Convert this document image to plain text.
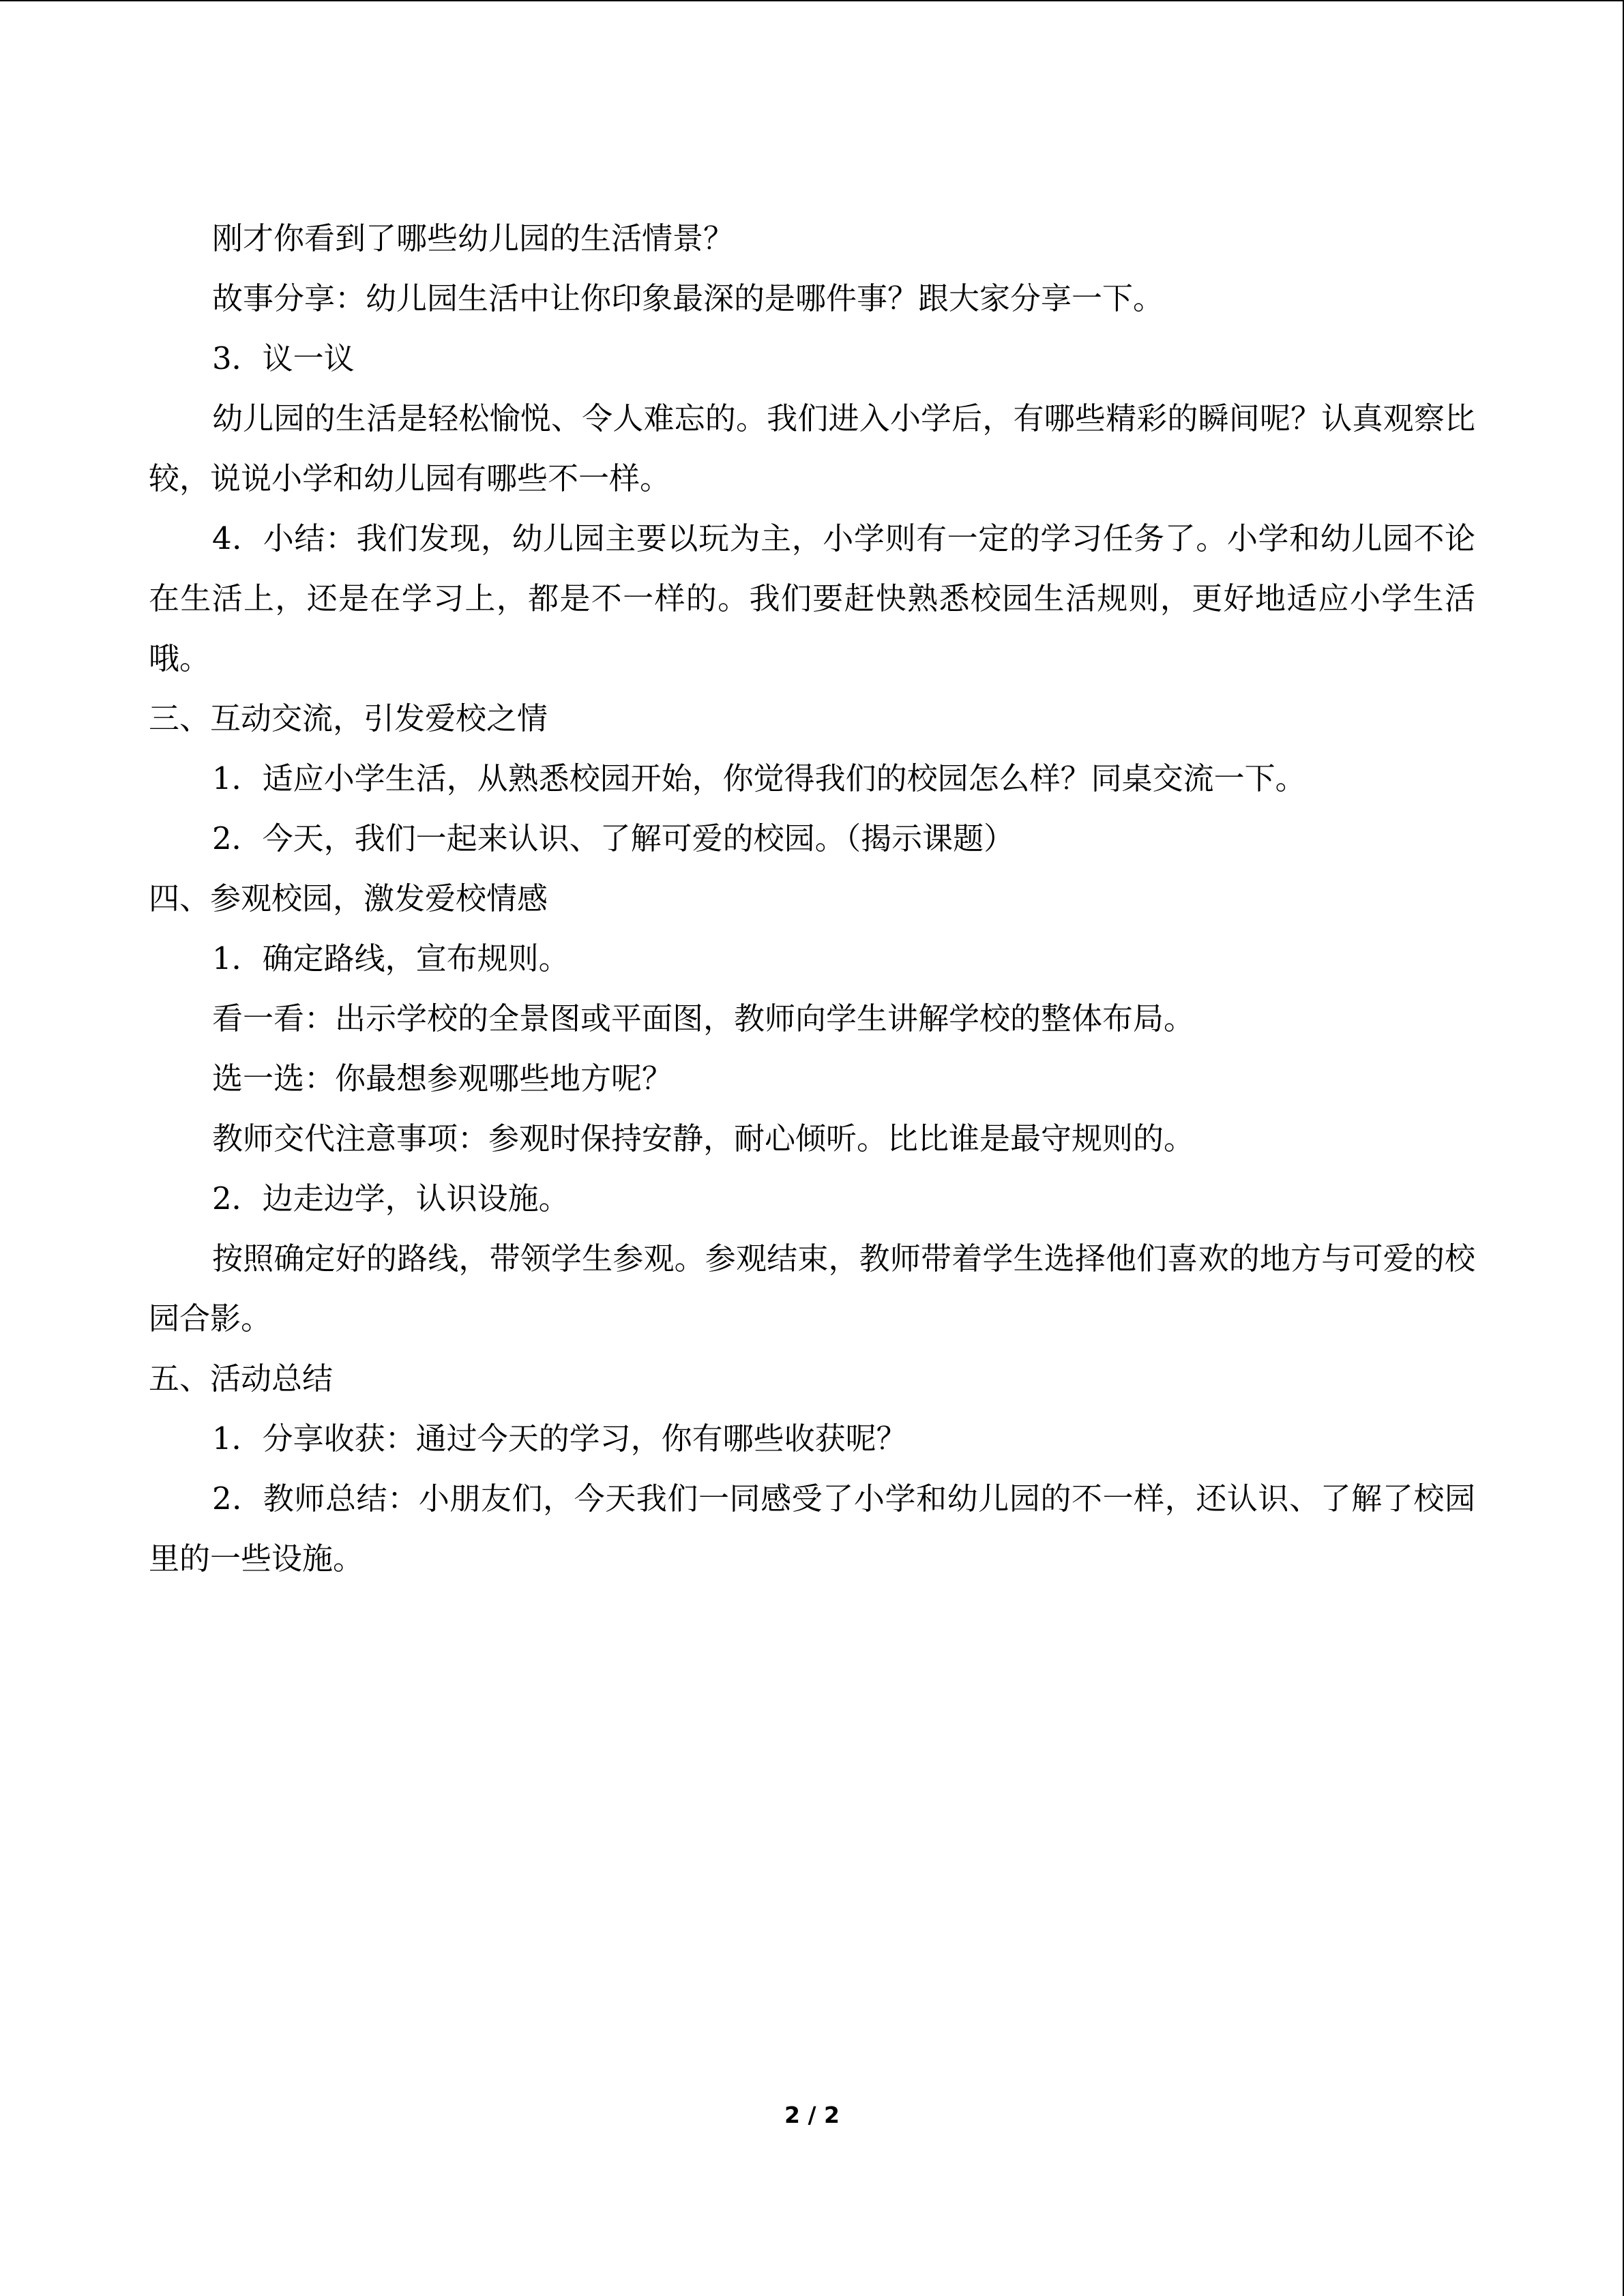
刚才你看到了哪些幼儿园的生活情景？

故事分享：幼儿园生活中让你印象最深的是哪件事？跟大家分享一下。

3．议一议

幼儿园的生活是轻松愉悦、令人难忘的。我们进入小学后，有哪些精彩的瞬间呢？认真观察比较，说说小学和幼儿园有哪些不一样。

4．小结：我们发现，幼儿园主要以玩为主，小学则有一定的学习任务了。小学和幼儿园不论在生活上，还是在学习上，都是不一样的。我们要赶快熟悉校园生活规则，更好地适应小学生活哦。

三、互动交流，引发爱校之情

1．适应小学生活，从熟悉校园开始，你觉得我们的校园怎么样？同桌交流一下。

2．今天，我们一起来认识、了解可爱的校园。（揭示课题）

四、参观校园，激发爱校情感

1．确定路线，宣布规则。

看一看：出示学校的全景图或平面图，教师向学生讲解学校的整体布局。

选一选：你最想参观哪些地方呢？

教师交代注意事项：参观时保持安静，耐心倾听。比比谁是最守规则的。

2．边走边学，认识设施。

按照确定好的路线，带领学生参观。参观结束，教师带着学生选择他们喜欢的地方与可爱的校园合影。

五、活动总结

1．分享收获：通过今天的学习，你有哪些收获呢？

2．教师总结：小朋友们，今天我们一同感受了小学和幼儿园的不一样，还认识、了解了校园里的一些设施。

2 / 2
